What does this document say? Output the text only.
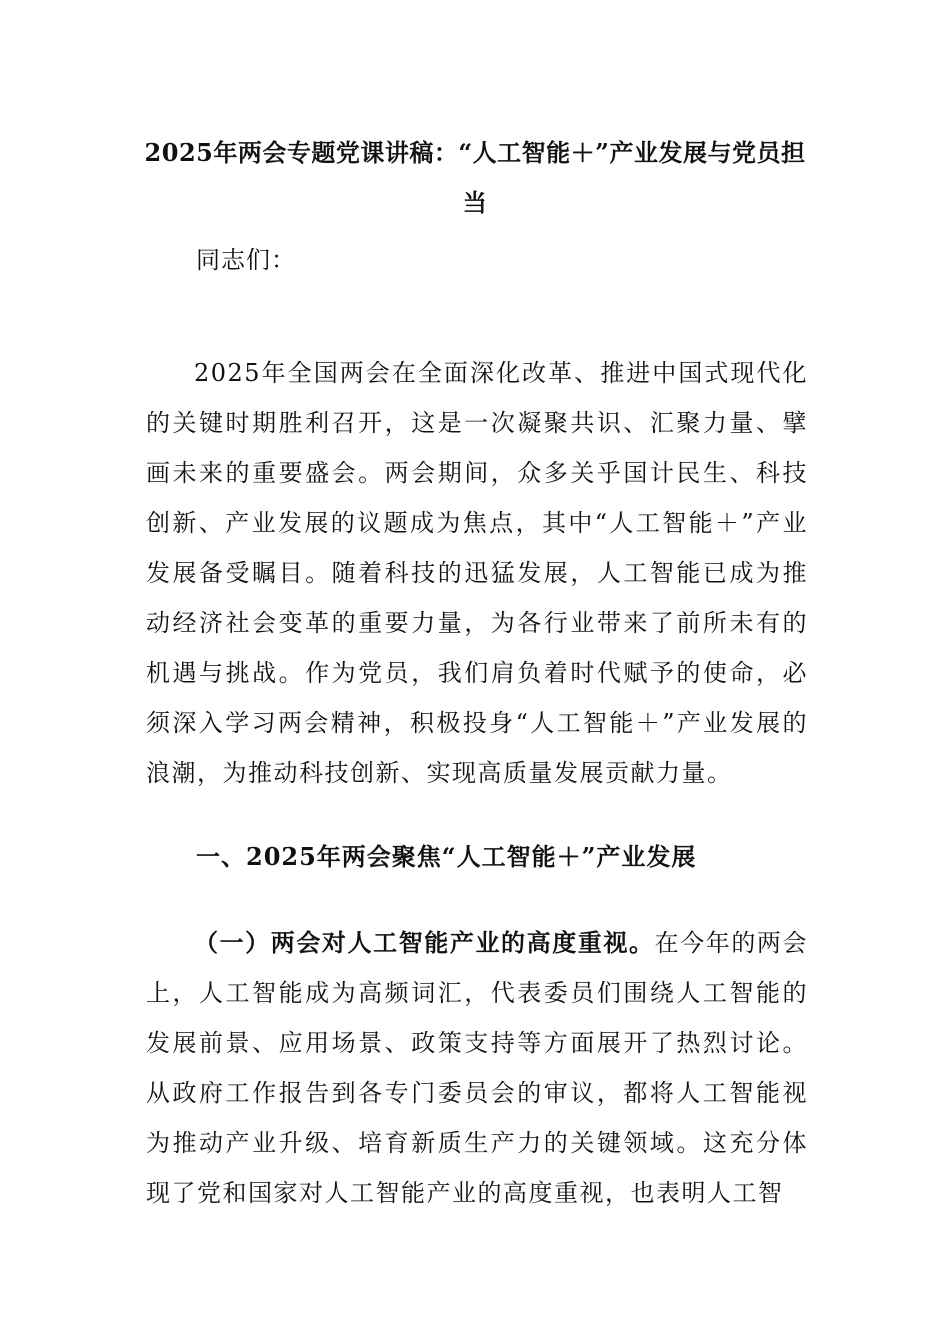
2025年两会专题党课讲稿：“人工智能＋”产业发展与党员担当
同志们：

2025年全国两会在全面深化改革、推进中国式现代化的关键时期胜利召开，这是一次凝聚共识、汇聚力量、擘画未来的重要盛会。两会期间，众多关乎国计民生、科技创新、产业发展的议题成为焦点，其中“人工智能＋”产业发展备受瞩目。随着科技的迅猛发展，人工智能已成为推动经济社会变革的重要力量，为各行业带来了前所未有的机遇与挑战。作为党员，我们肩负着时代赋予的使命，必须深入学习两会精神，积极投身“人工智能＋”产业发展的浪潮，为推动科技创新、实现高质量发展贡献力量。

一、2025年两会聚焦“人工智能＋”产业发展

（一）两会对人工智能产业的高度重视。在今年的两会上，人工智能成为高频词汇，代表委员们围绕人工智能的发展前景、应用场景、政策支持等方面展开了热烈讨论。从政府工作报告到各专门委员会的审议，都将人工智能视为推动产业升级、培育新质生产力的关键领域。这充分体现了党和国家对人工智能产业的高度重视，也表明人工智
